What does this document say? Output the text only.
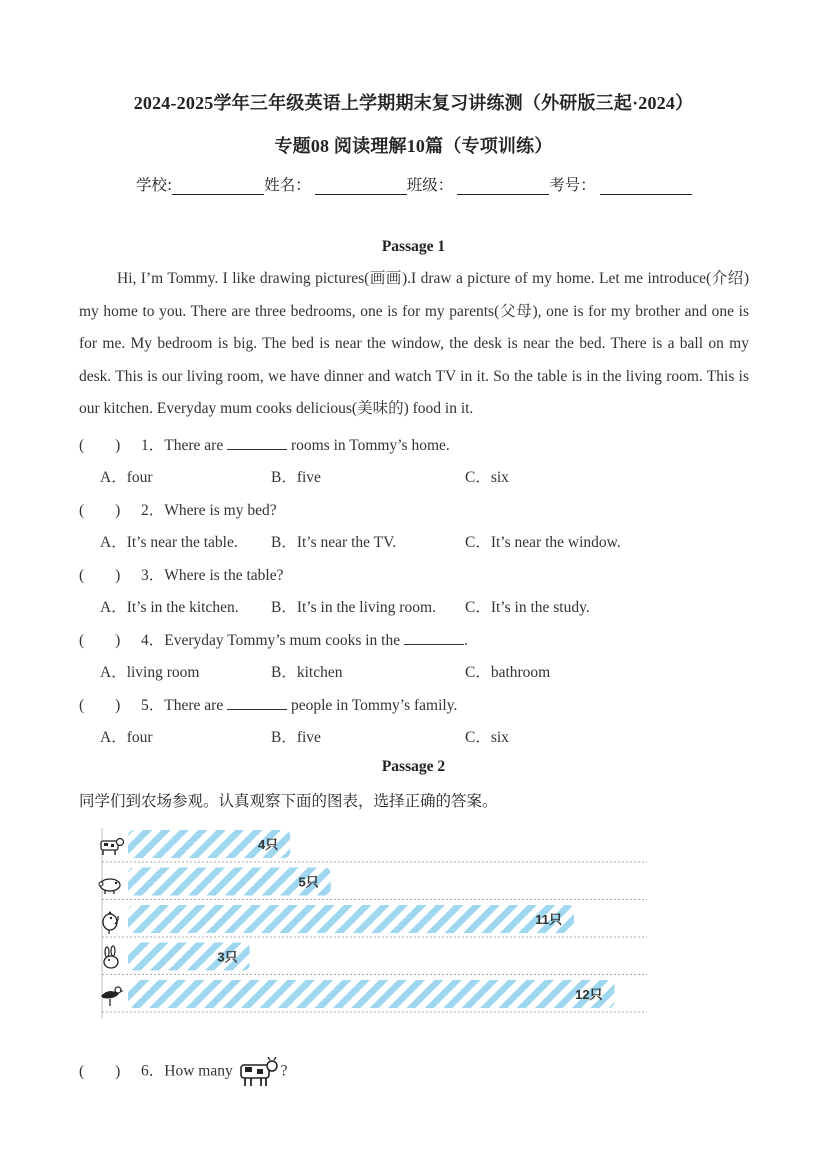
2024-2025学年三年级英语上学期期末复习讲练测（外研版三起·2024）
专题08 阅读理解10篇（专项训练）
学校:	姓名：	班级：	考号：
Passage 1
Hi, I’m Tommy. I like drawing pictures(画画).I draw a picture of my home. Let me introduce(介绍) my home to you. There are three bedrooms, one is for my parents(父母), one is for my brother and one is for me. My bedroom is big. The bed is near the window, the desk is near the bed. There is a ball on my desk. This is our living room, we have dinner and watch TV in it. So the table is in the living room. This is our kitchen. Everyday mum cooks delicious(美味的) food in it.
(　　) 1．There are	rooms in Tommy’s home.
A．four	B．five	C．six
(　　) 2．Where is my bed?
A．It’s near the table. B．It’s near the TV.	C．It’s near the window.
(　　) 3．Where is the table?
A．It’s in the kitchen. B．It’s in the living room. C．It’s in the study.
(　　) 4．Everyday Tommy’s mum cooks in the	.
A．living room	B．kitchen	C．bathroom
(　　) 5．There are	people in Tommy’s family.
A．four	B．five	C．six
Passage 2
同学们到农场参观。认真观察下面的图表，选择正确的答案。
4只
5只
11只
3只
12只
(　　) 6．How many	?
